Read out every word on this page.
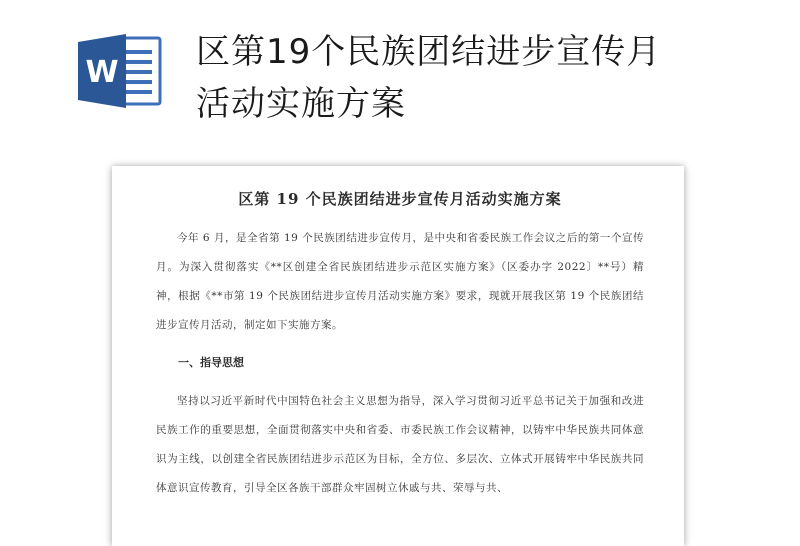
W
区第19个民族团结进步宣传月
活动实施方案
区第 19 个民族团结进步宣传月活动实施方案

今年 6 月，是全省第 19 个民族团结进步宣传月，是中央和省委民族工作会议之后的第一个宣传月。为深入贯彻落实《**区创建全省民族团结进步示范区实施方案》（区委办字 2022〕**号）精神，根据《**市第 19 个民族团结进步宣传月活动实施方案》要求，现就开展我区第 19 个民族团结进步宣传月活动，制定如下实施方案。

一、指导思想

坚持以习近平新时代中国特色社会主义思想为指导，深入学习贯彻习近平总书记关于加强和改进民族工作的重要思想，全面贯彻落实中央和省委、市委民族工作会议精神，以铸牢中华民族共同体意识为主线，以创建全省民族团结进步示范区为目标，全方位、多层次、立体式开展铸牢中华民族共同体意识宣传教育，引导全区各族干部群众牢固树立休戚与共、荣辱与共、
